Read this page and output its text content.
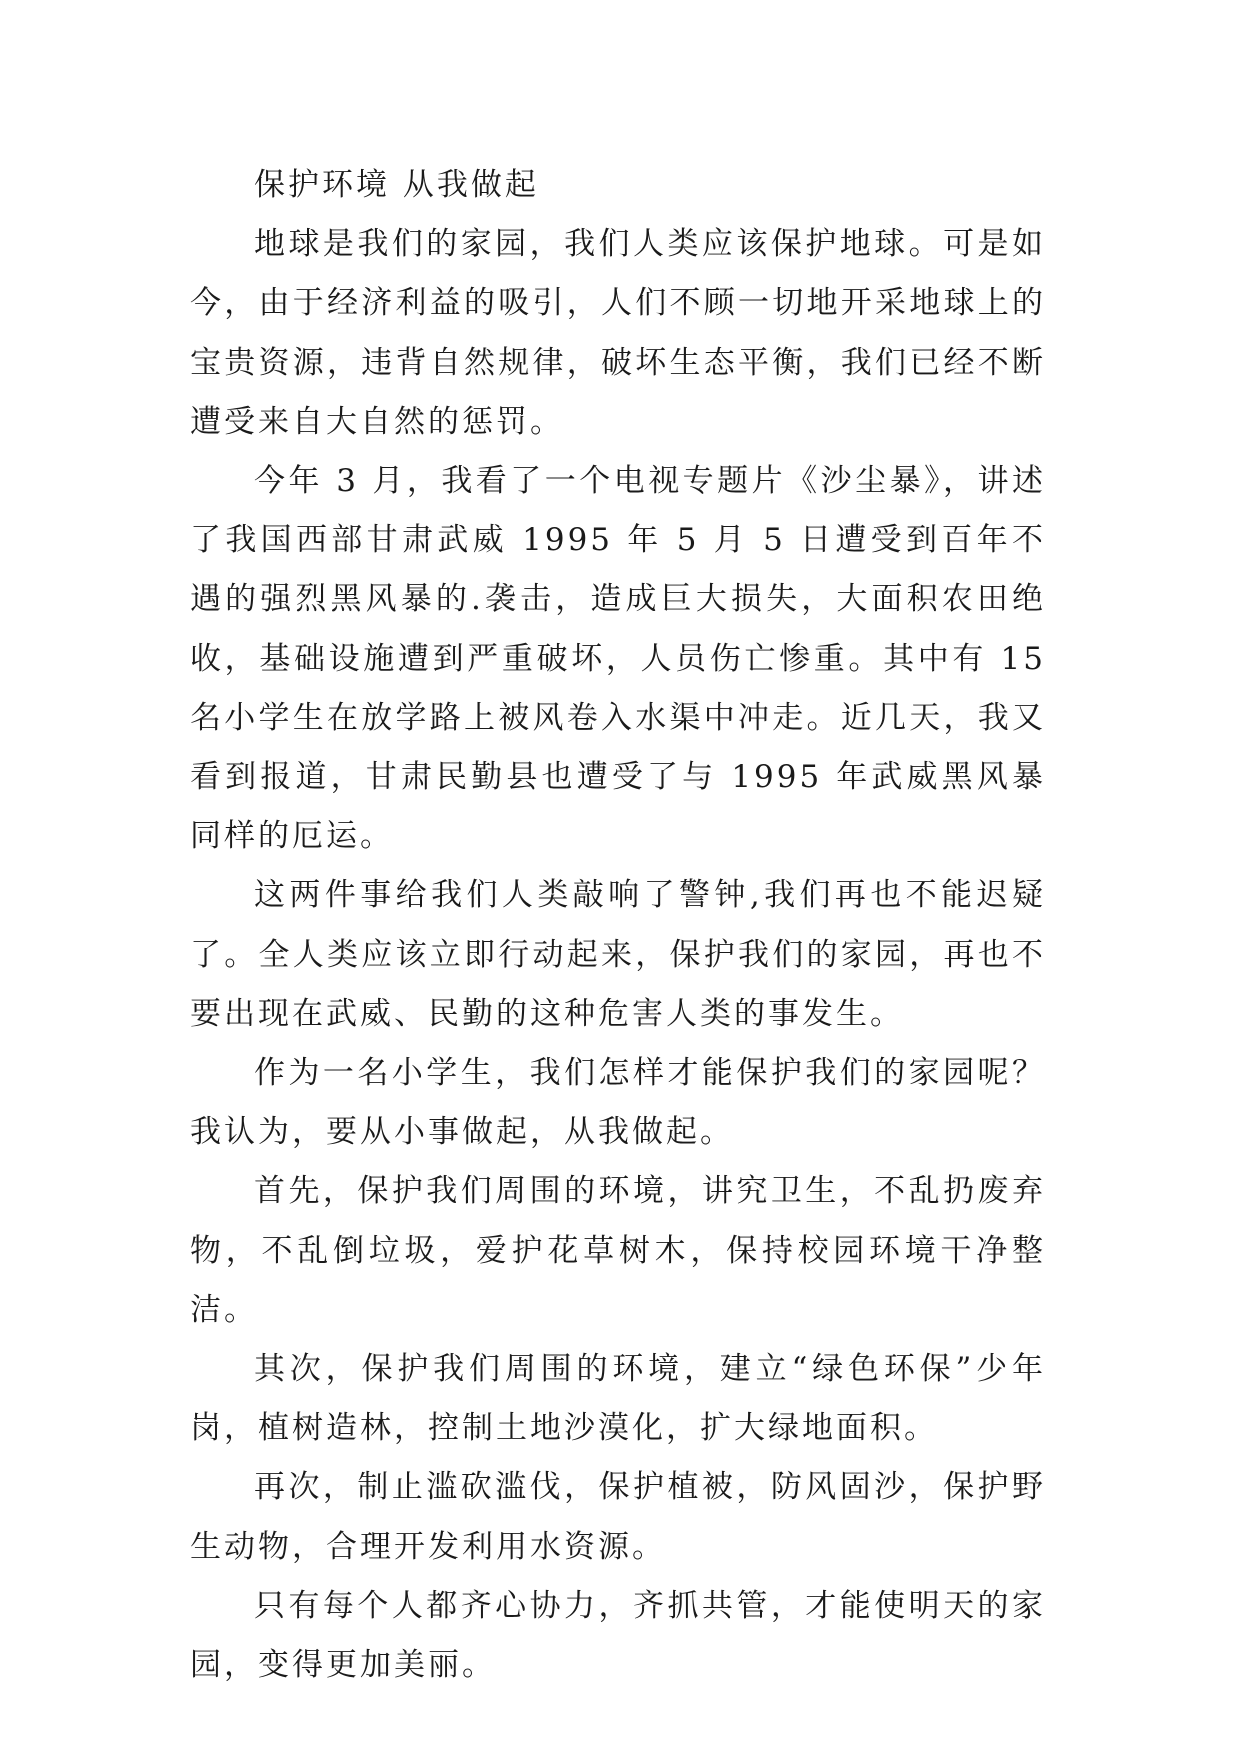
保护环境 从我做起

地球是我们的家园，我们人类应该保护地球。可是如今，由于经济利益的吸引，人们不顾一切地开采地球上的宝贵资源，违背自然规律，破坏生态平衡，我们已经不断遭受来自大自然的惩罚。

今年 3 月，我看了一个电视专题片《沙尘暴》，讲述了我国西部甘肃武威 1995 年 5 月 5 日遭受到百年不遇的强烈黑风暴的.袭击，造成巨大损失，大面积农田绝收，基础设施遭到严重破坏，人员伤亡惨重。其中有 15 名小学生在放学路上被风卷入水渠中冲走。近几天，我又看到报道，甘肃民勤县也遭受了与 1995 年武威黑风暴同样的厄运。

这两件事给我们人类敲响了警钟,我们再也不能迟疑了。全人类应该立即行动起来，保护我们的家园，再也不要出现在武威、民勤的这种危害人类的事发生。

作为一名小学生，我们怎样才能保护我们的家园呢？我认为，要从小事做起，从我做起。

首先，保护我们周围的环境，讲究卫生，不乱扔废弃物，不乱倒垃圾，爱护花草树木，保持校园环境干净整洁。

其次，保护我们周围的环境，建立“绿色环保”少年岗，植树造林，控制土地沙漠化，扩大绿地面积。

再次，制止滥砍滥伐，保护植被，防风固沙，保护野生动物，合理开发利用水资源。

只有每个人都齐心协力，齐抓共管，才能使明天的家园，变得更加美丽。
